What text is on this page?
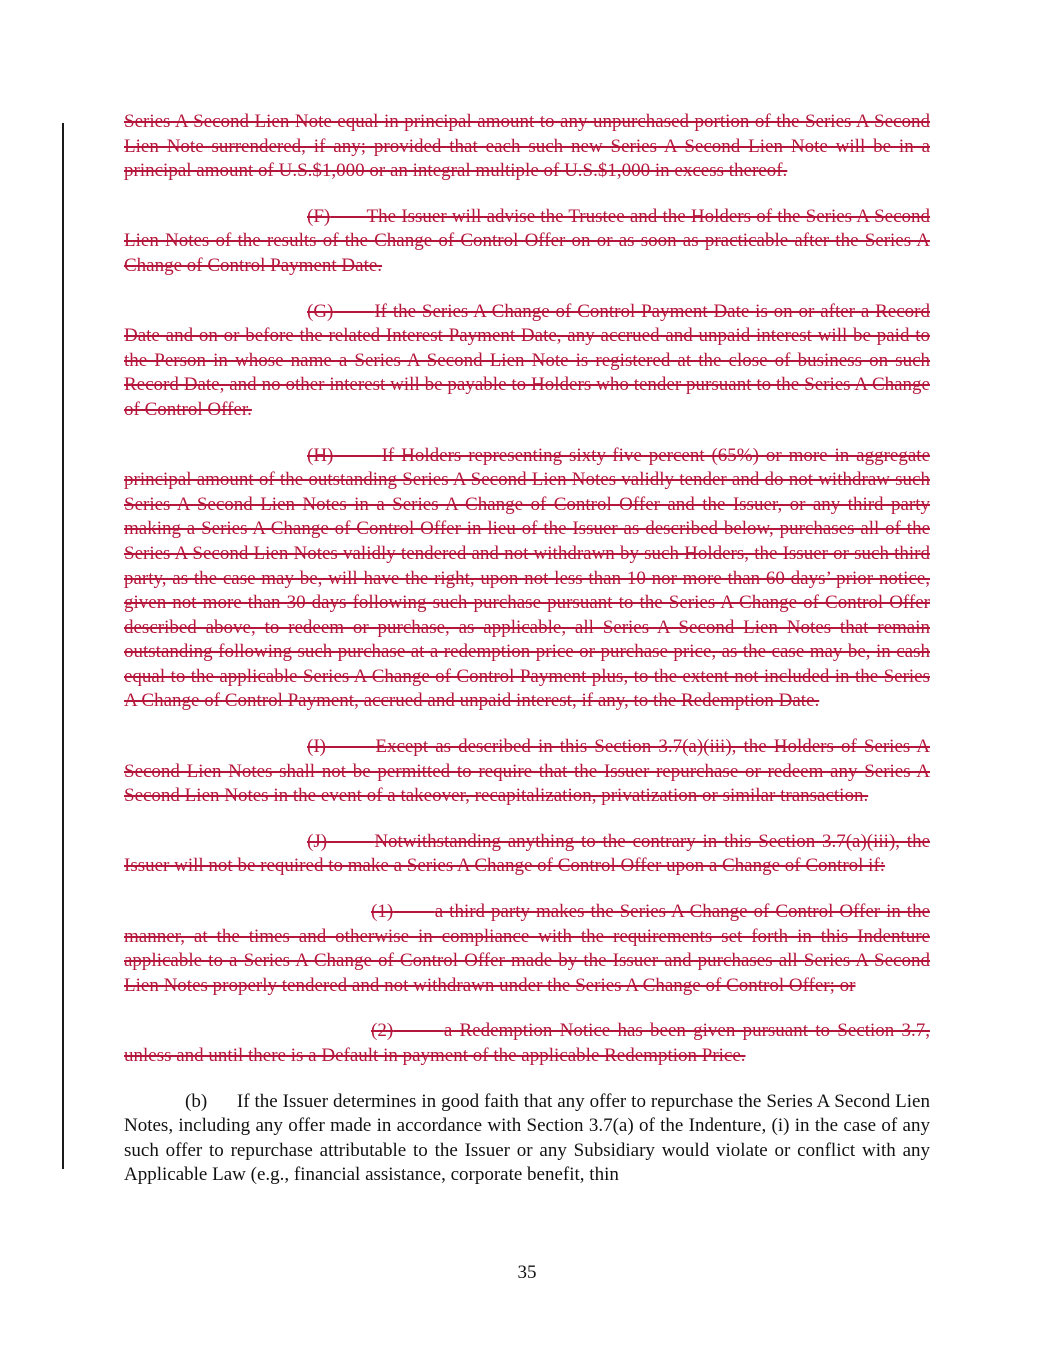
Series A Second Lien Note equal in principal amount to any unpurchased portion of the Series A Second Lien Note surrendered, if any; provided that each such new Series A Second Lien Note will be in a principal amount of U.S.$1,000 or an integral multiple of U.S.$1,000 in excess thereof.

(F) The Issuer will advise the Trustee and the Holders of the Series A Second Lien Notes of the results of the Change of Control Offer on or as soon as practicable after the Series A Change of Control Payment Date.

(G) If the Series A Change of Control Payment Date is on or after a Record Date and on or before the related Interest Payment Date, any accrued and unpaid interest will be paid to the Person in whose name a Series A Second Lien Note is registered at the close of business on such Record Date, and no other interest will be payable to Holders who tender pursuant to the Series A Change of Control Offer.

(H)	If Holders representing sixty-five percent (65%) or more in aggregate principal amount of the outstanding Series A Second Lien Notes validly tender and do not withdraw such Series A Second Lien Notes in a Series A Change of Control Offer and the Issuer, or any third party making a Series A Change of Control Offer in lieu of the Issuer as described below, purchases all of the Series A Second Lien Notes validly tendered and not withdrawn by such Holders, the Issuer or such third party, as the case may be, will have the right, upon not less than 10 nor more than 60 days’ prior notice, given not more than 30 days following such purchase pursuant to the Series A Change of Control Offer described above, to redeem or purchase, as applicable, all Series A Second Lien Notes that remain outstanding following such purchase at a redemption price or purchase price, as the case may be, in cash equal to the applicable Series A Change of Control Payment plus, to the extent not included in the Series A Change of Control Payment, accrued and unpaid interest, if any, to the Redemption Date.

(I)	Except as described in this Section 3.7(a)(iii), the Holders of Series A Second Lien Notes shall not be permitted to require that the Issuer repurchase or redeem any Series A Second Lien Notes in the event of a takeover, recapitalization, privatization or similar transaction.

(J) Notwithstanding anything to the contrary in this Section 3.7(a)(iii), the Issuer will not be required to make a Series A Change of Control Offer upon a Change of Control if:

(1) a third party makes the Series A Change of Control Offer in the manner, at the times and otherwise in compliance with the requirements set forth in this Indenture applicable to a Series A Change of Control Offer made by the Issuer and purchases all Series A Second Lien Notes properly tendered and not withdrawn under the Series A Change of Control Offer; or

(2)	a Redemption Notice has been given pursuant to Section 3.7, unless and until there is a Default in payment of the applicable Redemption Price.

(b) If the Issuer determines in good faith that any offer to repurchase the Series A Second Lien Notes, including any offer made in accordance with Section 3.7(a) of the Indenture, (i) in the case of any such offer to repurchase attributable to the Issuer or any Subsidiary would violate or conflict with any Applicable Law (e.g., financial assistance, corporate benefit, thin

35
